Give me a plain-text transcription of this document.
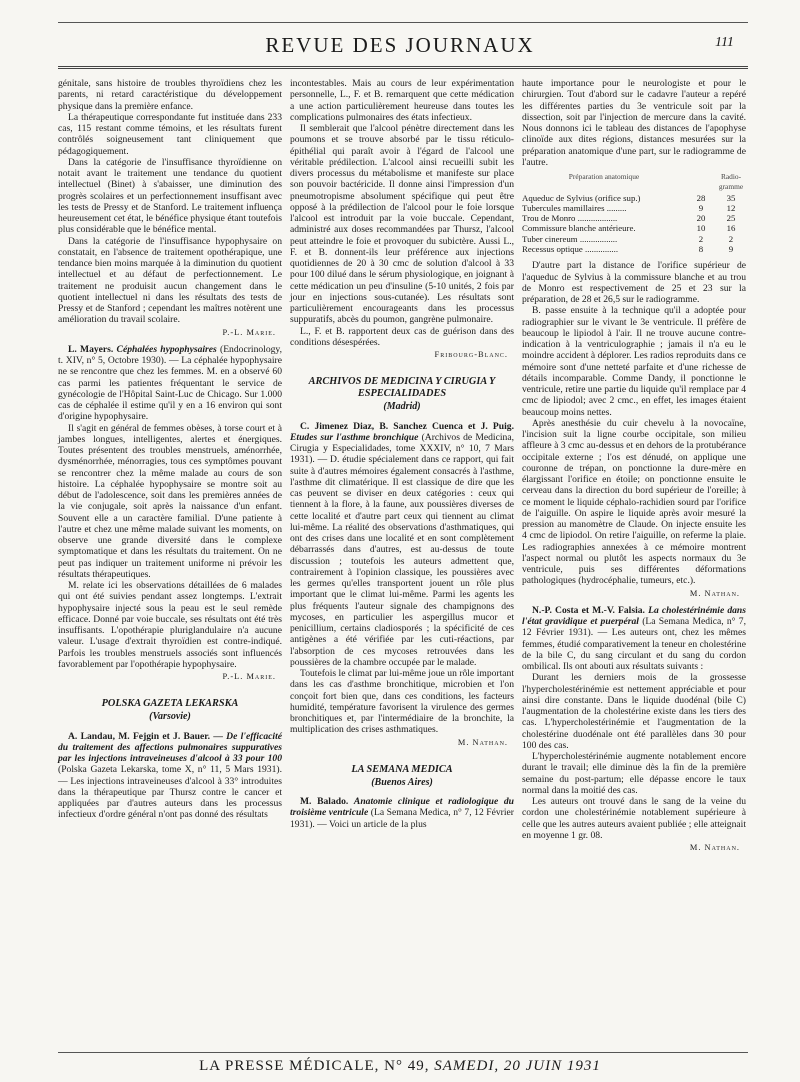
REVUE DES JOURNAUX	111

génitale, sans histoire de troubles thyroïdiens chez les parents, ni retard caractéristique du développement physique dans la première enfance.

La thérapeutique correspondante fut instituée dans 233 cas, 115 restant comme témoins, et les résultats furent contrôlés soigneusement tant cliniquement que pédagogiquement.

Dans la catégorie de l'insuffisance thyroïdienne on notait avant le traitement une tendance du quotient intellectuel (Binet) à s'abaisser, une diminution des progrès scolaires et un perfectionnement insuffisant avec les tests de Pressy et de Stanford. Le traitement influença heureusement cet état, le bénéfice physique étant toutefois plus considérable que le bénéfice mental.

Dans la catégorie de l'insuffisance hypophysaire on constatait, en l'absence de traitement opothérapique, une tendance bien moins marquée à la diminution du quotient intellectuel et au défaut de perfectionnement. Le traitement ne produisit aucun changement dans le quotient intellectuel ni dans les résultats des tests de Pressy et de Stanford ; cependant les maîtres notèrent une amélioration du travail scolaire.

P.-L. Marie.

L. Mayers. Céphalées hypophysaires (Endocrinology, t. XIV, n° 5, Octobre 1930). — La céphalée hypophysaire ne se rencontre que chez les femmes. M. en a observé 60 cas parmi les patientes fréquentant le service de gynécologie de l'Hôpital Saint-Luc de Chicago. Sur 1.000 cas de céphalée il estime qu'il y en a 16 environ qui sont d'origine hypophysaire.

Il s'agit en général de femmes obèses, à torse court et à jambes longues, intelligentes, alertes et énergiques. Toutes présentent des troubles menstruels, aménorrhée, dysménorrhée, ménorragies, tous ces symptômes pouvant se rencontrer chez la même malade au cours de son histoire. La céphalée hypophysaire se montre soit au début de l'adolescence, soit dans les premières années de la vie conjugale, soit après la naissance d'un enfant. Souvent elle a un caractère familial. D'une patiente à l'autre et chez une même malade suivant les moments, on observe une grande diversité dans le complexe symptomatique et dans les résultats du traitement. On ne peut pas indiquer un traitement uniforme ni prévoir les résultats thérapeutiques.

M. relate ici les observations détaillées de 6 malades qui ont été suivies pendant assez longtemps. L'extrait hypophysaire injecté sous la peau est le seul remède efficace. Donné par voie buccale, ses résultats ont été très insuffisants. L'opothérapie pluriglandulaire n'a aucune valeur. L'usage d'extrait thyroïdien est contre-indiqué. Parfois les troubles menstruels associés sont influencés favorablement par l'opothérapie hypophysaire.

P.-L. Marie.
POLSKA GAZETA LEKARSKA
(Varsovie)

A. Landau, M. Fejgin et J. Bauer. — De l'efficacité du traitement des affections pulmonaires suppuratives par les injections intraveineuses d'alcool à 33 pour 100 (Polska Gazeta Lekarska, tome X, n° 11, 5 Mars 1931). — Les injections intraveineuses d'alcool à 33° introduites dans la thérapeutique par Thursz contre le cancer et appliquées par d'autres auteurs dans les processus infectieux d'ordre général n'ont pas donné des résultats

incontestables. Mais au cours de leur expérimentation personnelle, L., F. et B. remarquent que cette médication a une action particulièrement heureuse dans toutes les complications pulmonaires des états infectieux.

Il semblerait que l'alcool pénètre directement dans les poumons et se trouve absorbé par le tissu réticulo-épithélial qui paraît avoir à l'égard de l'alcool une véritable prédilection. L'alcool ainsi recueilli subit les divers processus du métabolisme et manifeste sur place son pouvoir bactéricide. Il donne ainsi l'impression d'un pneumotropisme absolument spécifique qui peut être opposé à la prédilection de l'alcool pour le foie lorsque l'alcool est introduit par la voie buccale. Cependant, administré aux doses recommandées par Thursz, l'alcool peut atteindre le foie et provoquer du subictère. Aussi L., F. et B. donnent-ils leur préférence aux injections quotidiennes de 20 à 30 cmc de solution d'alcool à 33 pour 100 dilué dans le sérum physiologique, en joignant à cette médication un peu d'insuline (5-10 unités, 2 fois par jour en injections sous-cutanée). Les résultats sont particulièrement encourageants dans les processus suppuratifs, abcès du poumon, gangrène pulmonaire.

L., F. et B. rapportent deux cas de guérison dans des conditions désespérées.

Fribourg-Blanc.
ARCHIVOS DE MEDICINA Y CIRUGIA Y ESPECIALIDADES
(Madrid)

C. Jimenez Diaz, B. Sanchez Cuenca et J. Puig. Etudes sur l'asthme bronchique (Archivos de Medicina, Cirugia y Especialidades, tome XXXIV, n° 10, 7 Mars 1931). — D. étudie spécialement dans ce rapport, qui fait suite à d'autres mémoires également consacrés à l'asthme, l'asthme dit climatérique. Il est classique de dire que les cas peuvent se diviser en deux catégories : ceux qui tiennent à la flore, à la faune, aux poussières diverses de cette localité et d'autre part ceux qui tiennent au climat lui-même. La réalité des observations d'asthmatiques, qui ont des crises dans une localité et en sont complètement débarrassés dans d'autres, est au-dessus de toute discussion ; toutefois les auteurs admettent que, contrairement à l'opinion classique, les poussières avec les germes qu'elles transportent jouent un rôle plus important que le climat lui-même. Parmi les agents les plus fréquents l'auteur signale des champignons des mycoses, en particulier les aspergillus mucor et penicillium, certains cladiosporés ; la spécificité de ces antigènes a été vérifiée par les cuti-réactions, par l'absorption de ces mycoses retrouvées dans les poussières de la chambre occupée par le malade.

Toutefois le climat par lui-même joue un rôle important dans les cas d'asthme bronchitique, microbien et l'on conçoit fort bien que, dans ces conditions, les facteurs humidité, température favorisent la virulence des germes bronchitiques et, par l'intermédiaire de la bronchite, la multiplication des crises asthmatiques.

M. Nathan.
LA SEMANA MEDICA
(Buenos Aires)

M. Balado. Anatomie clinique et radiologique du troisième ventricule (La Semana Medica, n° 7, 12 Février 1931). — Voici un article de la plus

haute importance pour le neurologiste et pour le chirurgien. Tout d'abord sur le cadavre l'auteur a repéré les différentes parties du 3e ventricule soit par la dissection, soit par l'injection de mercure dans la cavité. Nous donnons ici le tableau des distances de l'apophyse clinoïde aux dites régions, distances mesurées sur la préparation anatomique d'une part, sur le radiogramme de l'autre.

Préparation anatomique	Radio-gramme
Aqueduc de Sylvius (orifice sup.)	28	35
Tubercules mamillaires .........	9	12
Trou de Monro ..................	20	25
Commissure blanche antérieure.	10	16
Tuber cinereum .................	2	2
Recessus optique ...............	8	9

D'autre part la distance de l'orifice supérieur de l'aqueduc de Sylvius à la commissure blanche et au trou de Monro est respectivement de 25 et 23 sur la préparation, de 28 et 26,5 sur le radiogramme.

B. passe ensuite à la technique qu'il a adoptée pour radiographier sur le vivant le 3e ventricule. Il préfère de beaucoup le lipiodol à l'air. Il ne trouve aucune contre-indication à la ventriculographie ; jamais il n'a eu le moindre accident à déplorer. Les radios reproduits dans ce mémoire sont d'une netteté parfaite et d'une richesse de détails incomparable. Comme Dandy, il ponctionne le ventricule, retire une partie du liquide qu'il remplace par 4 cmc de lipiodol; avec 2 cmc., en effet, les images étaient beaucoup moins nettes.

Après anesthésie du cuir chevelu à la novocaïne, l'incision suit la ligne courbe occipitale, son milieu affleure à 3 cmc au-dessus et en dehors de la protubérance occipitale externe ; l'os est dénudé, on applique une couronne de trépan, on ponctionne la dure-mère en élargissant l'orifice en étoile; on ponctionne ensuite le cerveau dans la direction du bord supérieur de l'oreille; à ce moment le liquide céphalo-rachidien sourd par l'orifice de l'aiguille. On aspire le liquide après avoir mesuré la pression au manomètre de Claude. On injecte ensuite les 4 cmc de lipiodol. On retire l'aiguille, on referme la plaie. Les radiographies annexées à ce mémoire montrent l'aspect normal ou plutôt les aspects normaux du 3e ventricule, puis ses différentes déformations pathologiques (hydrocéphalie, tumeurs, etc.).

M. Nathan.

N.-P. Costa et M.-V. Falsia. La cholestérinémie dans l'état gravidique et puerpéral (La Semana Medica, n° 7, 12 Février 1931). — Les auteurs ont, chez les mêmes femmes, étudié comparativement la teneur en cholestérine de la bile C, du sang circulant et du sang du cordon ombilical. Ils ont abouti aux résultats suivants :

Durant les derniers mois de la grossesse l'hypercholestérinémie est nettement appréciable et pour ainsi dire constante. Dans le liquide duodénal (bile C) l'augmentation de la cholestérine existe dans les tiers des cas. L'hypercholestérinémie et l'augmentation de la cholestérine duodénale ont été parallèles dans 30 pour 100 des cas.

L'hypercholestérinémie augmente notablement encore durant le travail; elle diminue dès la fin de la première semaine du post-partum; elle dépasse encore le taux normal dans la moitié des cas.

Les auteurs ont trouvé dans le sang de la veine du cordon une cholestérinémie notablement supérieure à celle que les autres auteurs avaient publiée ; elle atteignait en moyenne 1 gr. 08.

M. Nathan.
LA PRESSE MÉDICALE, N° 49, SAMEDI, 20 JUIN 1931
